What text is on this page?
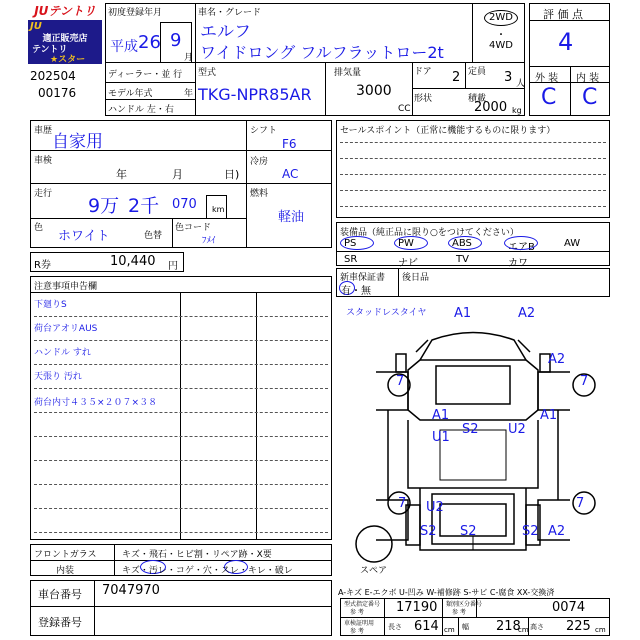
JUテントリ
JU
適正販売店
テントリ
★スター
202504
00176
初度登録年月
平成 26 9
月
車名・グレード
エルフ
ワイドロング フルフラットロー2t
2WD
・
4WD
ディーラー・並 行
モデル年式	年
ハンドル 左・右
型式
TKG-NPR85AR
排気量
3000
CC
ドア 2 定員 3 人
形状	積載
2000 kg
評 価 点
4
外 装 内 装
C C
車歴
自家用
車検
年	月	日)
走行
9万 2千 070 km
色
ホワイト	色替
色コード
ﾌﾒｲ
シフト
F6
冷房
AC
燃料
軽油
R券	10,440 円
セールスポイント（正常に機能するものに限ります）
装備品（純正品に限り○をつけてください）
PS	PW	ABS	エアB	AW
SR	ナビ	TV	カワ
新車保証書
有・無
後日品
注意事項申告欄
下廻りS
荷台アオリAUS
ハンドル すれ
天張り 汚れ
荷台内寸４３５×２０７×３８
スタッドレスタイヤ A1	A2
A2
7	7
A1
S2 U2
A1
U1
7	7
U2
S2 S2	S2 A2
スペア
フロントガラス	キズ・飛石・ヒビ割・リペア跡・X要
内装	キズ・汚レ・コゲ・穴・スレ・キレ・破レ
車台番号 7047970
登録番号
A-キズ E-エクボ U-凹み W-補修跡 S-サビ C-腐食 XX-交換済
型式指定番号
参 考 17190 類別区分番号
参 考	0074
車検証明用
参 考
長さ 614 cm 幅 218
cm 高さ 225 cm
